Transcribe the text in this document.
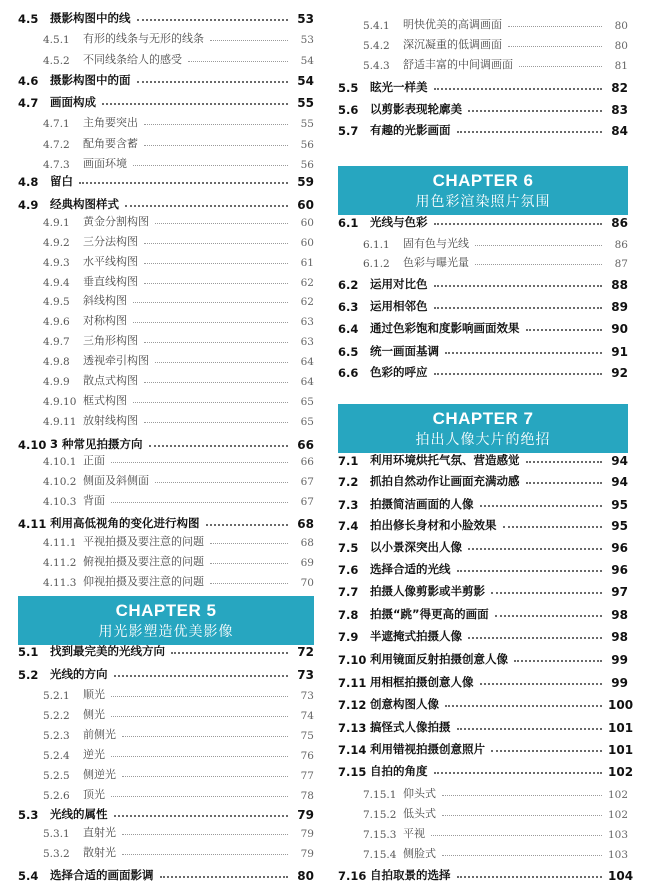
4.5	摄影构图中的线	53
4.5.1	有形的线条与无形的线条	53
4.5.2	不同线条给人的感受	54
4.6	摄影构图中的面	54
4.7	画面构成	55
4.7.1	主角要突出	55
4.7.2	配角要含蓄	56
4.7.3	画面环境	56
4.8	留白	59
4.9	经典构图样式	60
4.9.1	黄金分割构图	60
4.9.2	三分法构图	60
4.9.3	水平线构图	61
4.9.4	垂直线构图	62
4.9.5	斜线构图	62
4.9.6	对称构图	63
4.9.7	三角形构图	63
4.9.8	透视牵引构图	64
4.9.9	散点式构图	64
4.9.10 框式构图	65
4.9.11 放射线构图	65
4.10 3 种常见拍摄方向	66
4.10.1 正面	66
4.10.2 侧面及斜侧面	67
4.10.3 背面	67
4.11 利用高低视角的变化进行构图	68
4.11.1 平视拍摄及要注意的问题	68
4.11.2 俯视拍摄及要注意的问题	69
4.11.3 仰视拍摄及要注意的问题	70
CHAPTER 5
用光影塑造优美影像
5.1	找到最完美的光线方向	72
5.2	光线的方向	73
5.2.1	顺光	73
5.2.2	侧光	74
5.2.3	前侧光	75
5.2.4	逆光	76
5.2.5	侧逆光	77
5.2.6	顶光	78
5.3	光线的属性	79
5.3.1	直射光	79
5.3.2	散射光	79
5.4	选择合适的画面影调	80
5.4.1	明快优美的高调画面	80
5.4.2	深沉凝重的低调画面	80
5.4.3	舒适丰富的中间调画面	81
5.5	眩光一样美	82
5.6	以剪影表现轮廓美	83
5.7	有趣的光影画面	84
CHAPTER 6
用色彩渲染照片氛围
6.1	光线与色彩	86
6.1.1	固有色与光线	86
6.1.2	色彩与曝光量	87
6.2	运用对比色	88
6.3	运用相邻色	89
6.4	通过色彩饱和度影响画面效果	90
6.5	统一画面基调	91
6.6	色彩的呼应	92
CHAPTER 7
拍出人像大片的绝招
7.1	利用环境烘托气氛、营造感觉	94
7.2	抓拍自然动作让画面充满动感	94
7.3	拍摄简洁画面的人像	95
7.4	拍出修长身材和小脸效果	95
7.5	以小景深突出人像	96
7.6	选择合适的光线	96
7.7	拍摄人像剪影或半剪影	97
7.8	拍摄“跳”得更高的画面	98
7.9	半遮掩式拍摄人像	98
7.10 利用镜面反射拍摄创意人像	99
7.11 用相框拍摄创意人像	99
7.12 创意构图人像	100
7.13 搞怪式人像拍摄	101
7.14 利用错视拍摄创意照片	101
7.15 自拍的角度	102
7.15.1 仰头式	102
7.15.2 低头式	102
7.15.3 平视	103
7.15.4 侧脸式	103
7.16 自拍取景的选择	104
